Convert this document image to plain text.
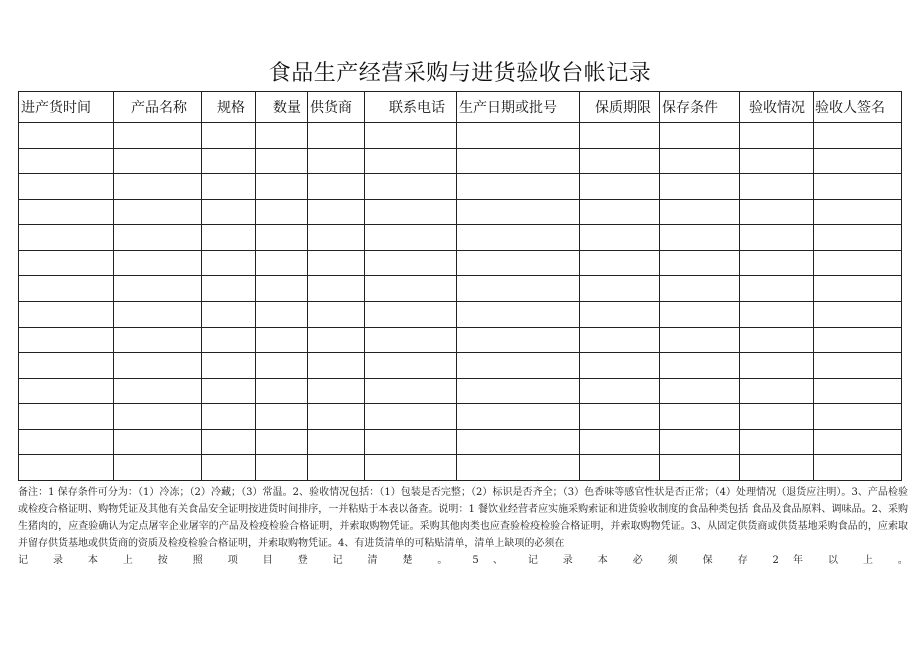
食品生产经营采购与进货验收台帐记录
进产货时间	产品名称	规格	数量	供货商	联系电话	生产日期或批号	保质期限	保存条件	验收情况	验收人签名

备注：1 保存条件可分为：（1）冷冻；（2）冷藏；（3）常温。2、验收情况包括：（1）包装是否完整；（2）标识是否齐全；（3）色香味等感官性状是否正常；（4）处理情况（退货应注明）。3、产品检验或检疫合格证明、购物凭证及其他有关食品安全证明按进货时间排序，一并粘贴于本表以备查。说明：1 餐饮业经营者应实施采购索证和进货验收制度的食品种类包括 食品及食品原料、调味品。2、采购生猪肉的，应查验确认为定点屠宰企业屠宰的产品及检疫检验合格证明，并索取购物凭证。采购其他肉类也应查验检疫检验合格证明，并索取购物凭证。3、从固定供货商或供货基地采购食品的，应索取并留存供货基地或供货商的资质及检疫检验合格证明，并索取购物凭证。4、有进货清单的可粘贴清单，清单上缺项的必须在

记 录 本 上 按 照 项 目 登 记 清 楚 。 5 、 记 录 本 必 须 保 存 2 年 以 上 。
